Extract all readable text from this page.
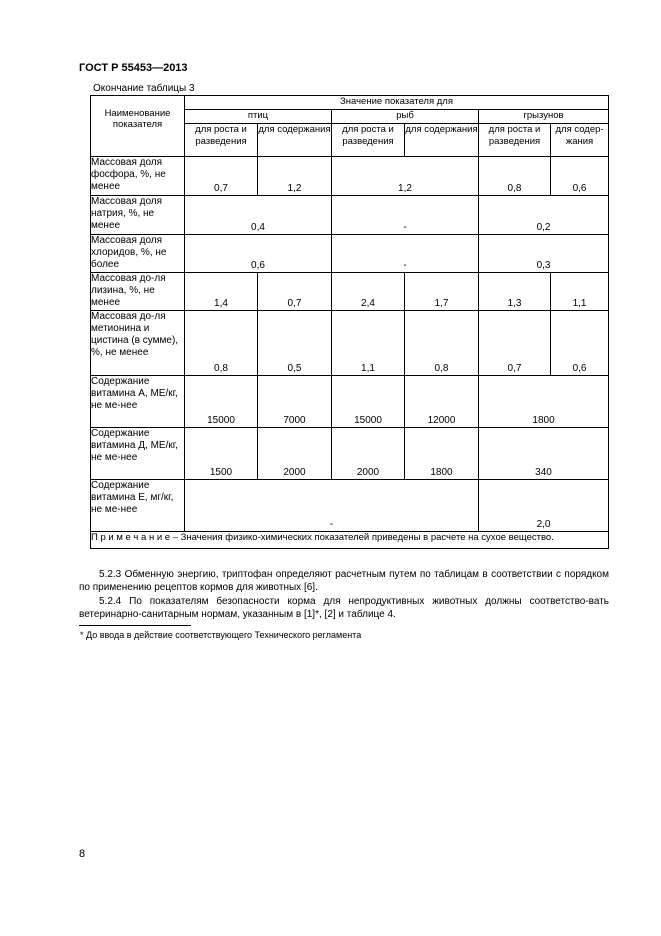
ГОСТ Р 55453—2013
Окончание таблицы 3
Наименование показателя	Значение показателя для					
	птиц		рыб		грызунов	
	для роста и разведения	для содержания	для роста и разведения	для содержания	для роста и разведения	для содер-жания
Массовая доля фосфора, %, не менее	0,7	1,2	1,2		0,8	0,6
Массовая доля натрия, %, не менее	0,4		-		0,2	
Массовая доля хлоридов, %, не более	0,6		-		0,3	
Массовая до-ля лизина, %, не менее	1,4	0,7	2,4	1,7	1,3	1,1
Массовая до-ля метионина и цистина (в сумме), %, не менее	0,8	0,5	1,1	0,8	0,7	0,6
Содержание витамина А, МЕ/кг, не ме-нее	15000	7000	15000	12000	1800	
Содержание витамина Д, МЕ/кг, не ме-нее	1500	2000	2000	1800	340	
Содержание витамина Е, мг/кг, не ме-нее	-				2,0	
П р и м е ч а н и е – Значения физико-химических показателей приведены в расчете на сухое вещество.						
5.2.3 Обменную энергию, триптофан определяют расчетным путем по таблицам в соответствии с порядком по применению рецептов кормов для животных [6].
5.2.4 По показателям безопасности корма для непродуктивных животных должны соответство-вать ветеринарно-санитарным нормам, указанным в [1]*, [2] и таблице 4.
* До ввода в действие соответствующего Технического регламента
8
